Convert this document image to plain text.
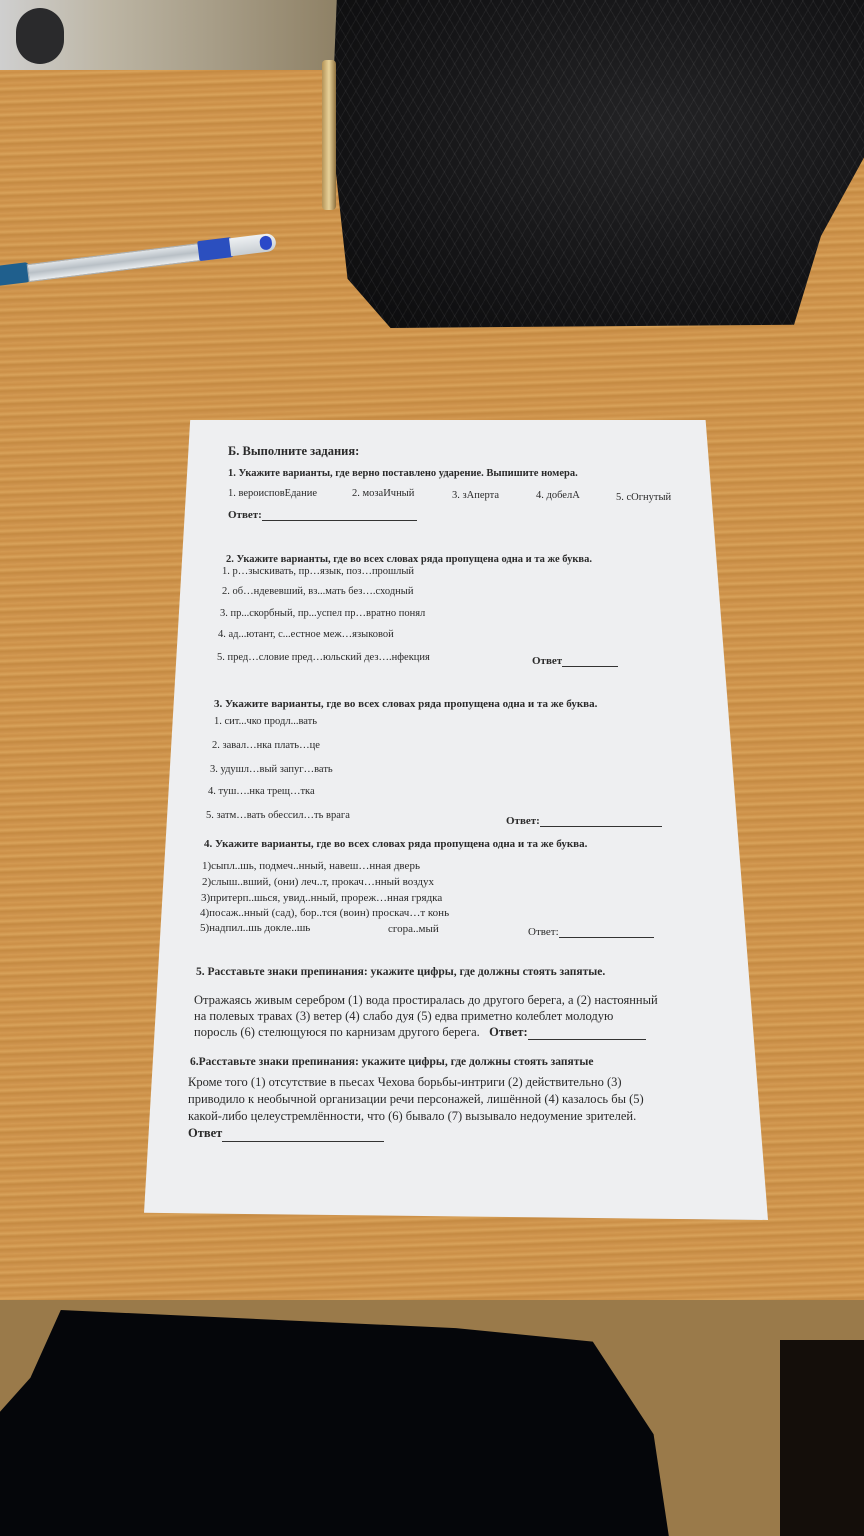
Б. Выполните задания:
1. Укажите варианты, где верно поставлено ударение. Выпишите номера.
1. вероисповЕдание	2. мозаИчный	3. зАперта	4. добелА	5. сОгнутый
Ответ:
2. Укажите варианты, где во всех словах ряда пропущена одна и та же буква.
1. р…зыскивать, пр…язык, поз…прошлый
2. об…ндевевший, вз...мать без….сходный
3. пр...скорбный, пр...успел пр…вратно понял
4. ад...ютант, с...естное меж…языковой
5. пред…словие пред…юльский дез….нфекция	Ответ
3. Укажите варианты, где во всех словах ряда пропущена одна и та же буква.
1. сит...чко продл...вать
2. завал…нка плать…це
3. удушл…вый запуг…вать
4. туш….нка трещ…тка
5. затм…вать обессил…ть врага	Ответ:
4. Укажите варианты, где во всех словах ряда пропущена одна и та же буква.
1)сыпл..шь, подмеч..нный, навеш…нная дверь
2)слыш..вший, (они) леч..т, прокач…нный воздух
3)притерп..шься, увид..нный, прореж…нная грядка
4)посаж..нный (сад), бор..тся (воин) проскач…т конь
5)надпил..шь докле..шь	сгора..мый	Ответ:
5. Расставьте знаки препинания: укажите цифры, где должны стоять запятые.
Отражаясь живым серебром (1) вода простиралась до другого берега, а (2) настоянный
на полевых травах (3) ветер (4) слабо дуя (5) едва приметно колеблет молодую
поросль (6) стелющуюся по карнизам другого берега. Ответ:
6.Расставьте знаки препинания: укажите цифры, где должны стоять запятые
Кроме того (1) отсутствие в пьесах Чехова борьбы-интриги (2) действительно (3)
приводило к необычной организации речи персонажей, лишённой (4) казалось бы (5)
какой-либо целеустремлённости, что (6) бывало (7) вызывало недоумение зрителей.
Ответ
